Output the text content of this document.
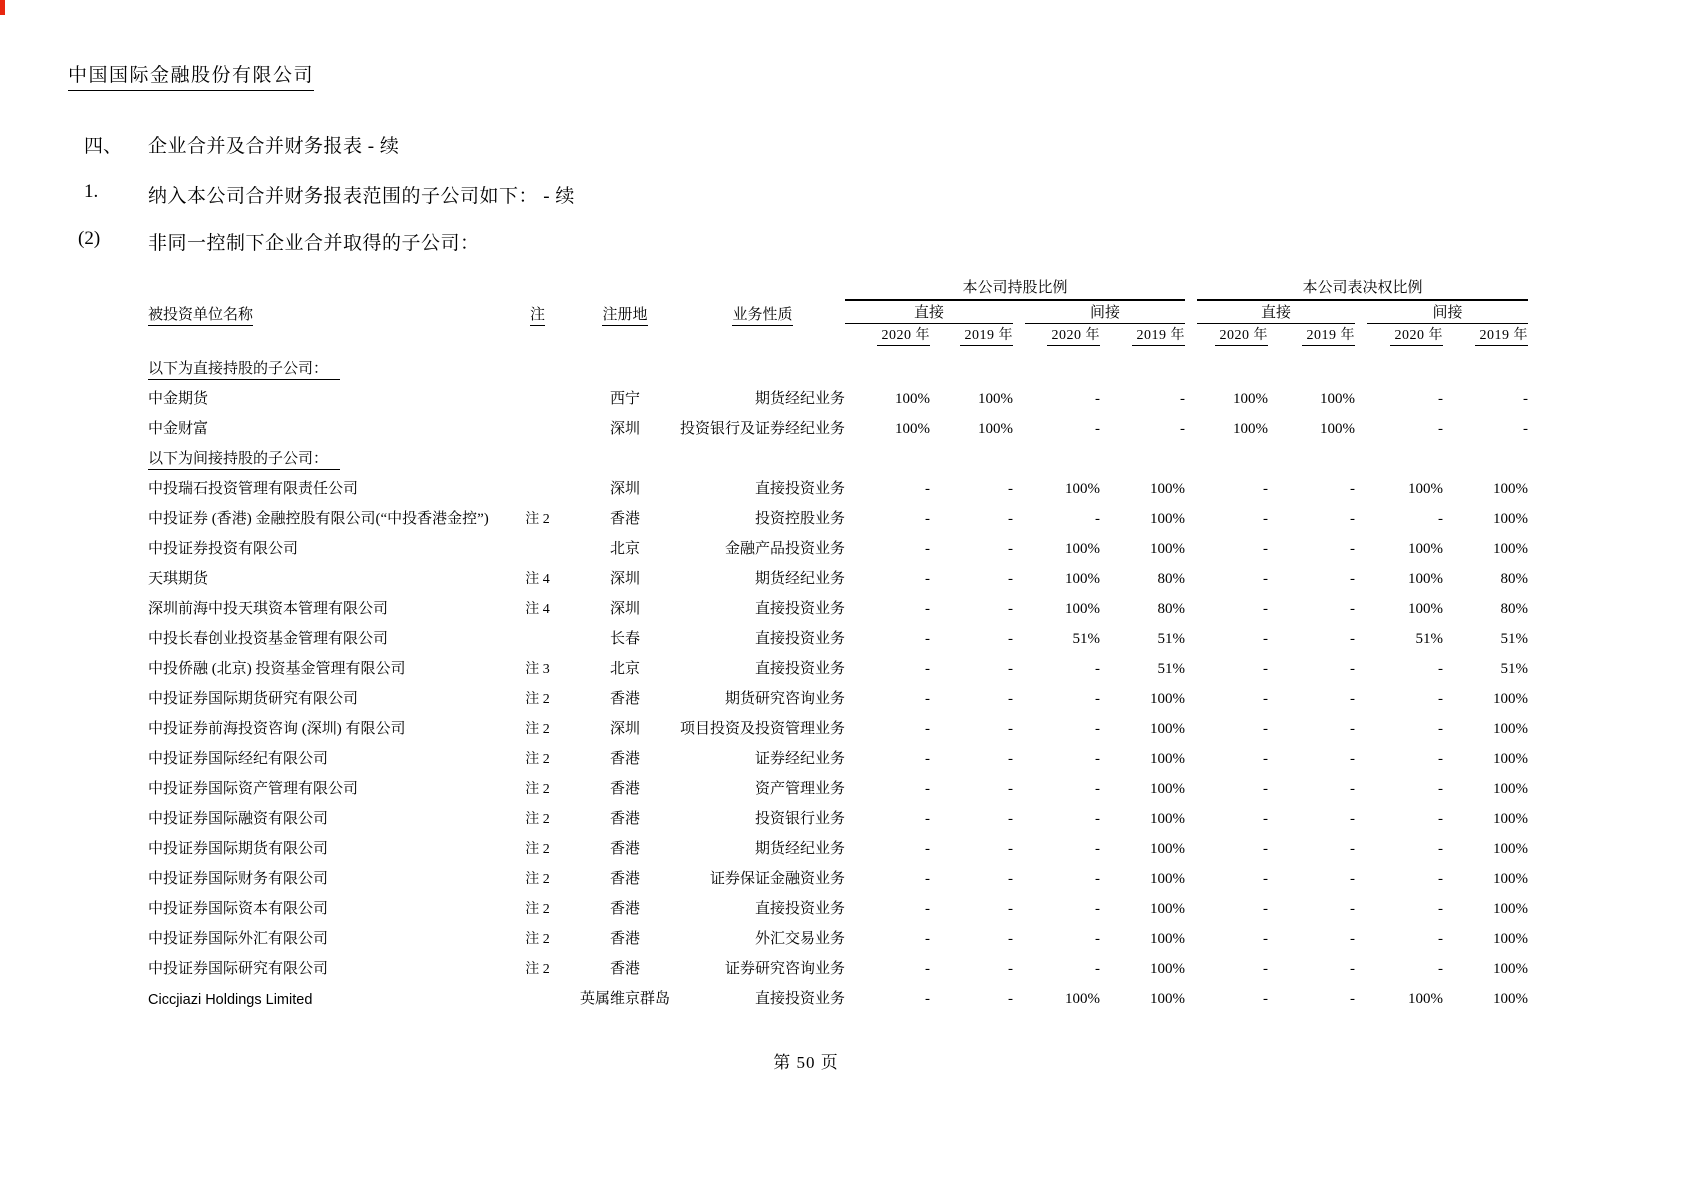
中国国际金融股份有限公司
四、 企业合并及合并财务报表 - 续
1.	纳入本公司合并财务报表范围的子公司如下： - 续
(2)	非同一控制下企业合并取得的子公司：
				本公司持股比例						本公司表决权比例				
被投资单位名称	注	注册地	业务性质	直接			间接			直接			间接	
				2020 年	2019 年		2020 年	2019 年		2020 年	2019 年		2020 年	2019 年

以下为直接持股的子公司：														
中金期货		西宁	期货经纪业务	100%	100%		-	-		100%	100%		-	-
中金财富		深圳	投资银行及证券经纪业务	100%	100%		-	-		100%	100%		-	-
以下为间接持股的子公司：														
中投瑞石投资管理有限责任公司		深圳	直接投资业务	-	-		100%	100%		-	-		100%	100%
中投证券 (香港) 金融控股有限公司(“中投香港金控”)	注 2	香港	投资控股业务	-	-		-	100%		-	-		-	100%
中投证券投资有限公司		北京	金融产品投资业务	-	-		100%	100%		-	-		100%	100%
天琪期货	注 4	深圳	期货经纪业务	-	-		100%	80%		-	-		100%	80%
深圳前海中投天琪资本管理有限公司	注 4	深圳	直接投资业务	-	-		100%	80%		-	-		100%	80%
中投长春创业投资基金管理有限公司		长春	直接投资业务	-	-		51%	51%		-	-		51%	51%
中投侨融 (北京) 投资基金管理有限公司	注 3	北京	直接投资业务	-	-		-	51%		-	-		-	51%
中投证券国际期货研究有限公司	注 2	香港	期货研究咨询业务	-	-		-	100%		-	-		-	100%
中投证券前海投资咨询 (深圳) 有限公司	注 2	深圳	项目投资及投资管理业务	-	-		-	100%		-	-		-	100%
中投证券国际经纪有限公司	注 2	香港	证券经纪业务	-	-		-	100%		-	-		-	100%
中投证券国际资产管理有限公司	注 2	香港	资产管理业务	-	-		-	100%		-	-		-	100%
中投证券国际融资有限公司	注 2	香港	投资银行业务	-	-		-	100%		-	-		-	100%
中投证券国际期货有限公司	注 2	香港	期货经纪业务	-	-		-	100%		-	-		-	100%
中投证券国际财务有限公司	注 2	香港	证券保证金融资业务	-	-		-	100%		-	-		-	100%
中投证券国际资本有限公司	注 2	香港	直接投资业务	-	-		-	100%		-	-		-	100%
中投证券国际外汇有限公司	注 2	香港	外汇交易业务	-	-		-	100%		-	-		-	100%
中投证券国际研究有限公司	注 2	香港	证券研究咨询业务	-	-		-	100%		-	-		-	100%
Ciccjiazi Holdings Limited		英属维京群岛	直接投资业务	-	-		100%	100%		-	-		100%	100%
第 50 页
